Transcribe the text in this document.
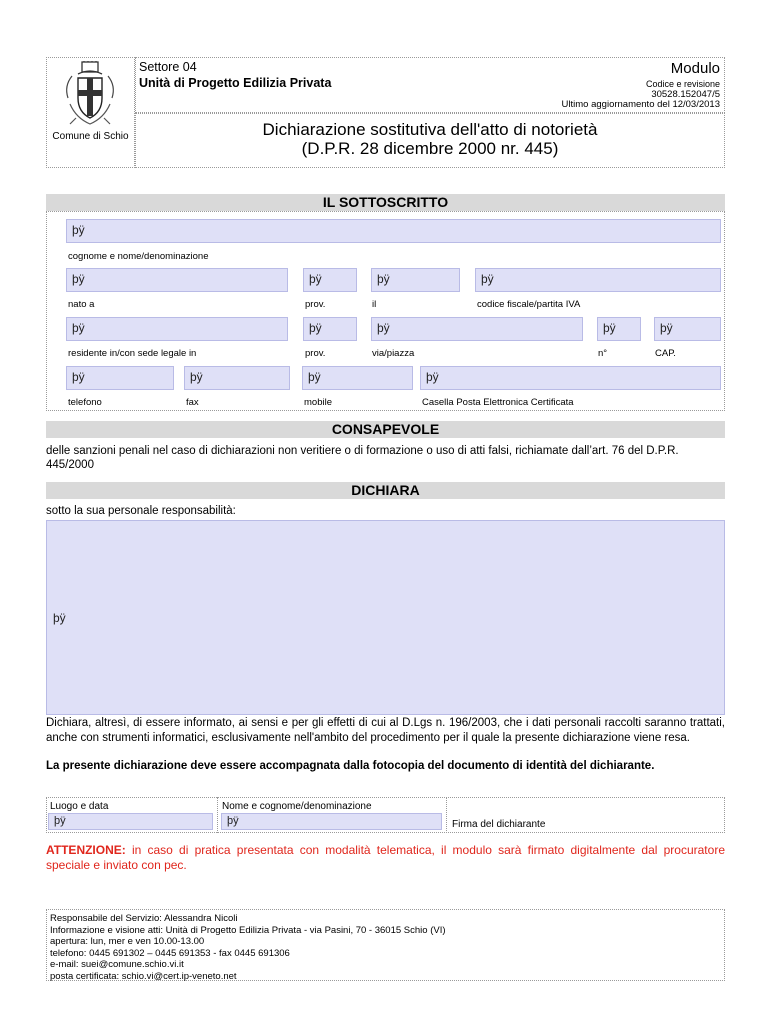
Comune di Schio
Settore 04
Unità di Progetto Edilizia Privata
Modulo
Codice e revisione
30528.152047/5
Ultimo aggiornamento del 12/03/2013
Dichiarazione sostitutiva dell'atto di notorietà
(D.P.R. 28 dicembre 2000 nr. 445)
IL SOTTOSCRITTO
þÿ
cognome e nome/denominazione
þÿ	þÿ	þÿ	þÿ
nato a	prov.	il	codice fiscale/partita IVA
þÿ	þÿ	þÿ	þÿ	þÿ
residente in/con sede legale in	prov.	via/piazza	n°	CAP.
þÿ	þÿ	þÿ	þÿ
telefono	fax	mobile	Casella Posta Elettronica Certificata
CONSAPEVOLE
delle sanzioni penali nel caso di dichiarazioni non veritiere o di formazione o uso di atti falsi, richiamate dall’art. 76 del D.P.R. 445/2000
DICHIARA
sotto la sua personale responsabilità:
þÿ
Dichiara, altresì, di essere informato, ai sensi e per gli effetti di cui al D.Lgs n. 196/2003, che i dati personali raccolti saranno trattati, anche con strumenti informatici, esclusivamente nell'ambito del procedimento per il quale la presente dichiarazione viene resa.
La presente dichiarazione deve essere accompagnata dalla fotocopia del documento di identità del dichiarante.
Luogo e data	Nome e cognome/denominazione
þÿ	þÿ	Firma del dichiarante
ATTENZIONE: in caso di pratica presentata con modalità telematica, il modulo sarà firmato digitalmente dal procuratore speciale e inviato con pec.
Responsabile del Servizio: Alessandra Nicoli
Informazione e visione atti: Unità di Progetto Edilizia Privata - via Pasini, 70 - 36015 Schio (VI)
apertura: lun, mer e ven 10.00-13.00
telefono: 0445 691302 – 0445 691353 - fax 0445 691306
e-mail: suei@comune.schio.vi.it
posta certificata: schio.vi@cert.ip-veneto.net
